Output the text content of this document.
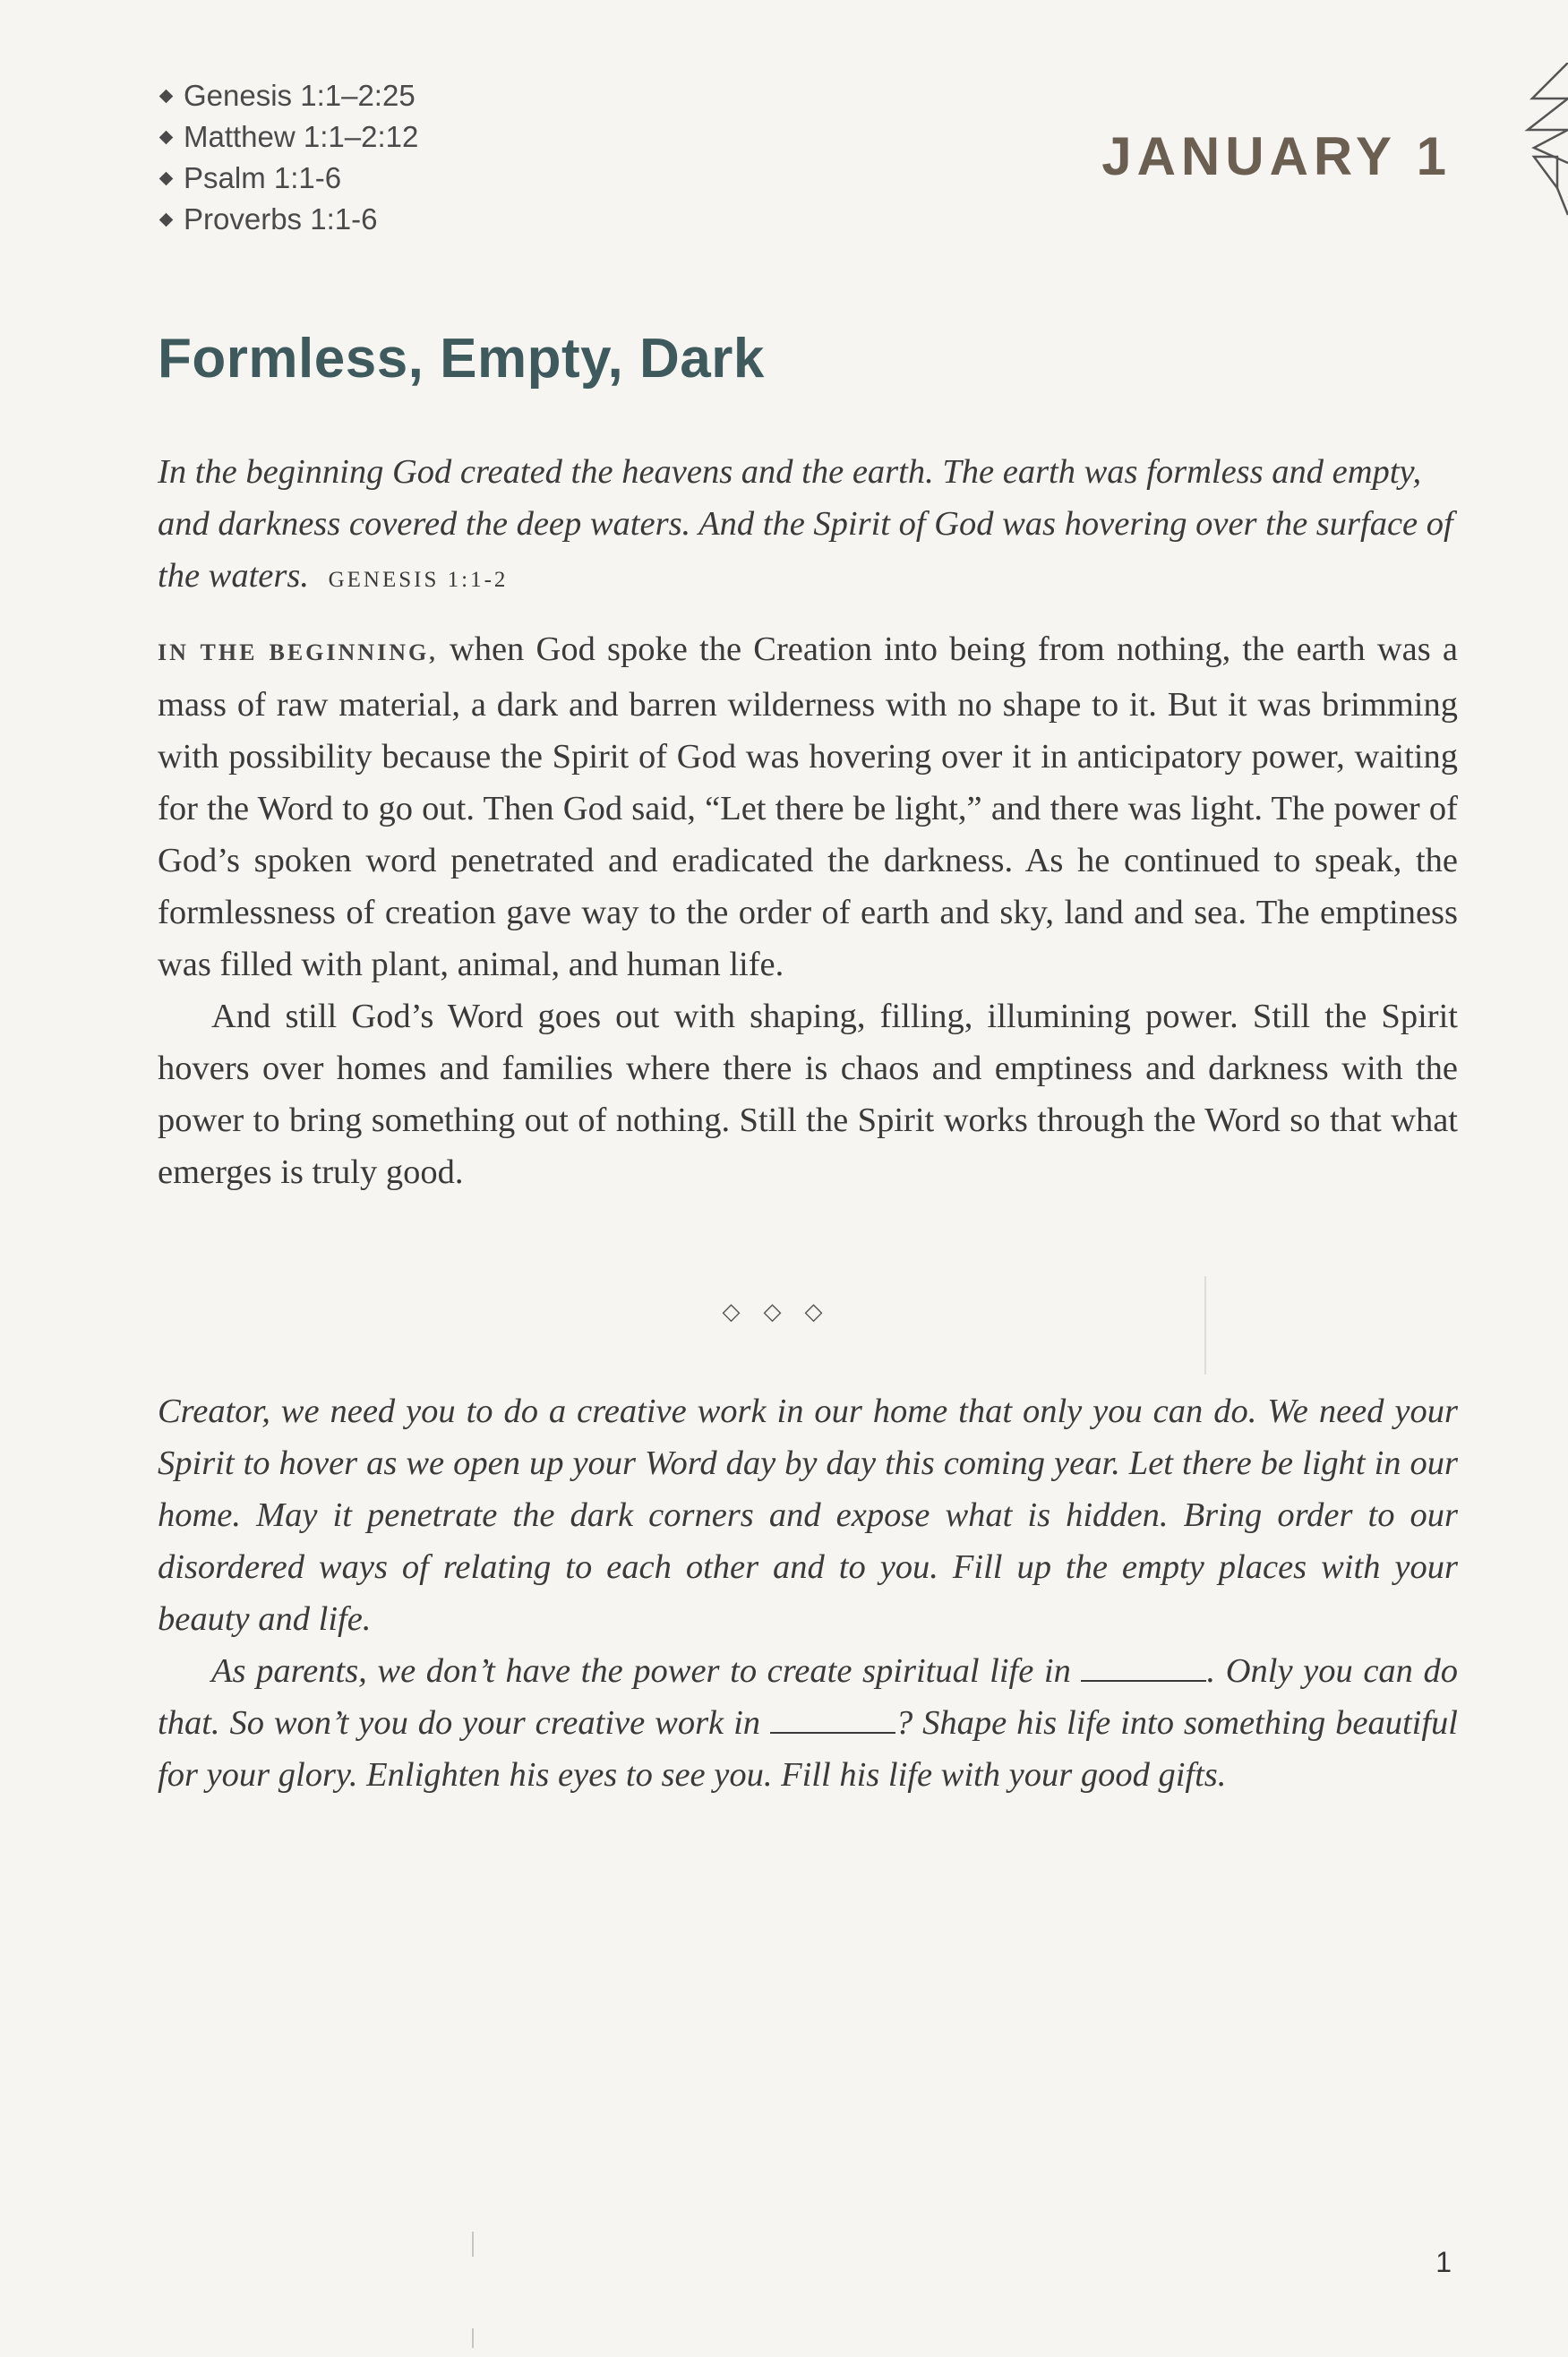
Genesis 1:1–2:25
Matthew 1:1–2:12
Psalm 1:1-6
Proverbs 1:1-6
JANUARY 1
Formless, Empty, Dark

In the beginning God created the heavens and the earth. The earth was formless and empty, and darkness covered the deep waters. And the Spirit of God was hovering over the surface of the waters. GENESIS 1:1-2

IN THE BEGINNING, when God spoke the Creation into being from nothing, the earth was a mass of raw material, a dark and barren wilderness with no shape to it. But it was brimming with possibility because the Spirit of God was hovering over it in anticipatory power, waiting for the Word to go out. Then God said, “Let there be light,” and there was light. The power of God’s spoken word penetrated and eradicated the darkness. As he continued to speak, the formlessness of creation gave way to the order of earth and sky, land and sea. The emptiness was filled with plant, animal, and human life.

And still God’s Word goes out with shaping, filling, illumining power. Still the Spirit hovers over homes and families where there is chaos and emptiness and darkness with the power to bring something out of nothing. Still the Spirit works through the Word so that what emerges is truly good.

◇◇◇

Creator, we need you to do a creative work in our home that only you can do. We need your Spirit to hover as we open up your Word day by day this coming year. Let there be light in our home. May it penetrate the dark corners and expose what is hidden. Bring order to our disordered ways of relating to each other and to you. Fill up the empty places with your beauty and life.

As parents, we don’t have the power to create spiritual life in	. Only you can do that. So won’t you do your creative work in	? Shape his life into something beautiful for your glory. Enlighten his eyes to see you. Fill his life with your good gifts.

1
